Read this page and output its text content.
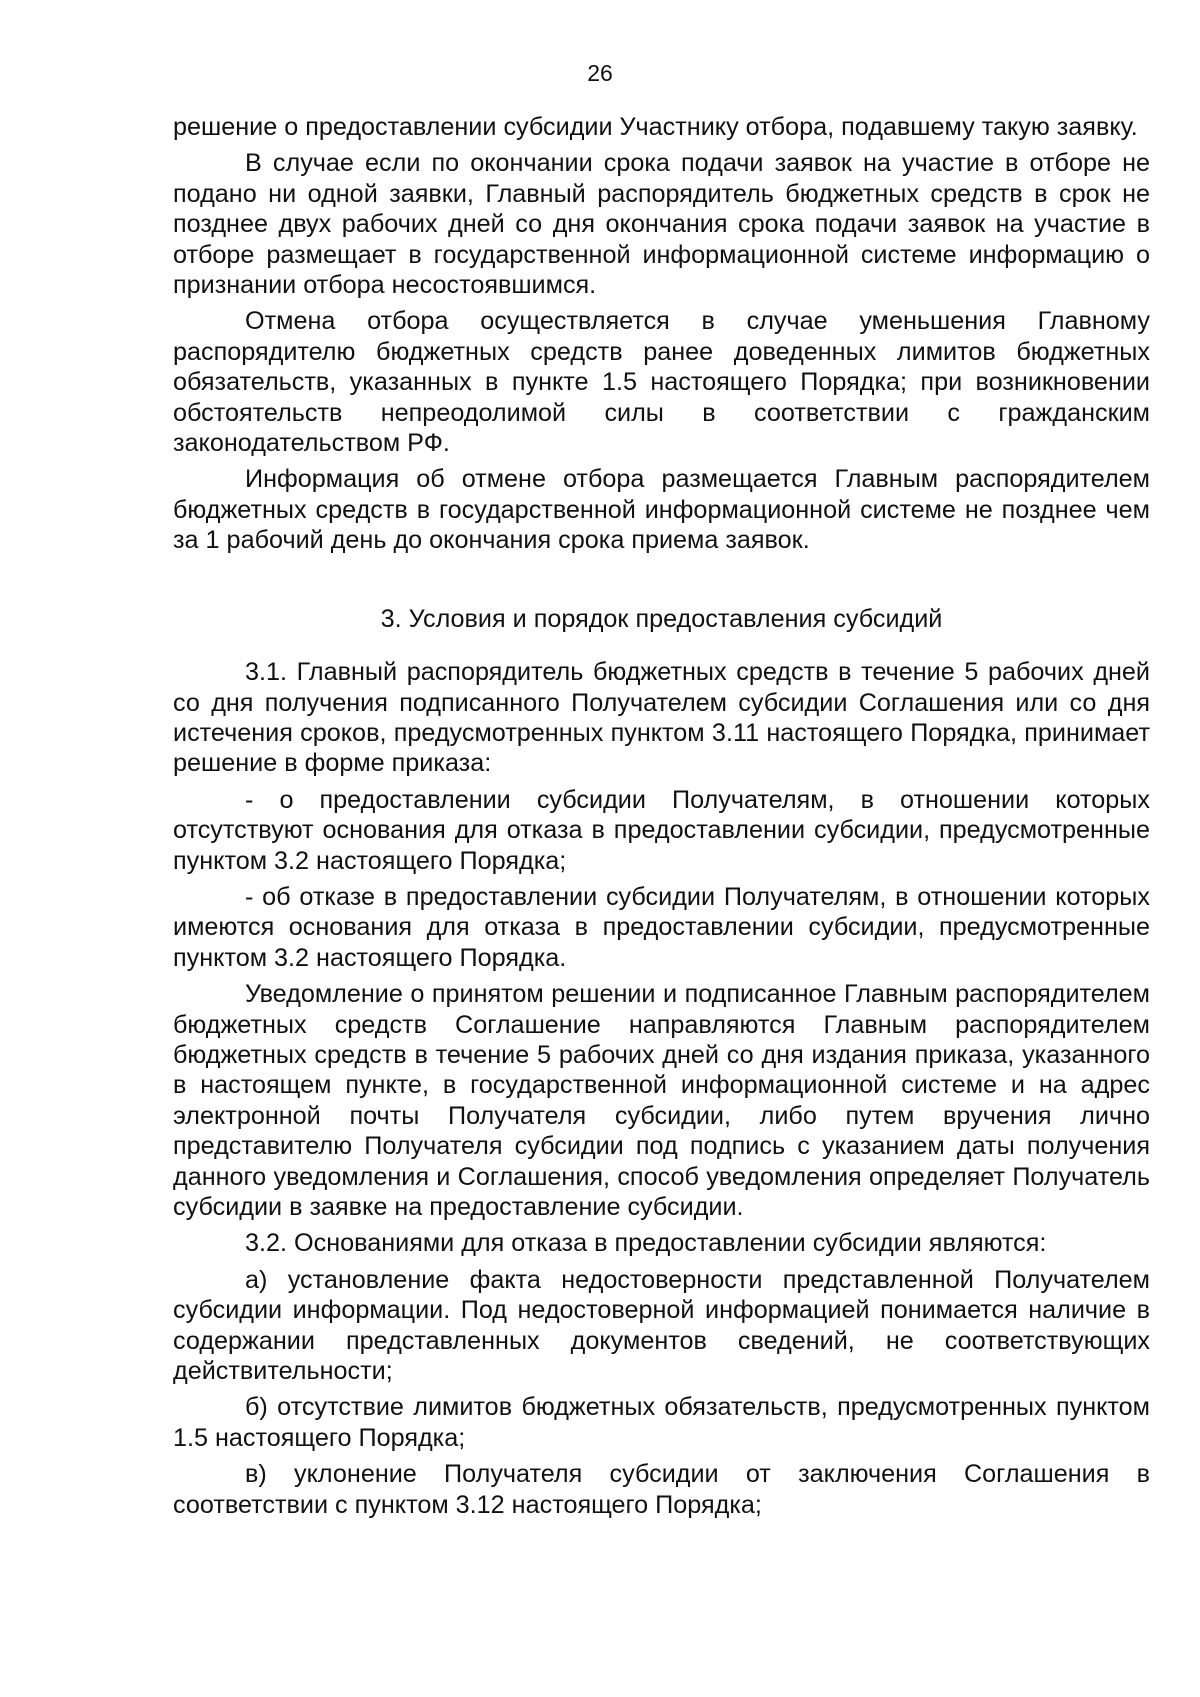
26

решение о предоставлении субсидии Участнику отбора, подавшему такую заявку.

В случае если по окончании срока подачи заявок на участие в отборе не подано ни одной заявки, Главный распорядитель бюджетных средств в срок не позднее двух рабочих дней со дня окончания срока подачи заявок на участие в отборе размещает в государственной информационной системе информацию о признании отбора несостоявшимся.

Отмена отбора осуществляется в случае уменьшения Главному распорядителю бюджетных средств ранее доведенных лимитов бюджетных обязательств, указанных в пункте 1.5 настоящего Порядка; при возникновении обстоятельств непреодолимой силы в соответствии с гражданским законодательством РФ.

Информация об отмене отбора размещается Главным распорядителем бюджетных средств в государственной информационной системе не позднее чем за 1 рабочий день до окончания срока приема заявок.

3. Условия и порядок предоставления субсидий

3.1. Главный распорядитель бюджетных средств в течение 5 рабочих дней со дня получения подписанного Получателем субсидии Соглашения или со дня истечения сроков, предусмотренных пунктом 3.11 настоящего Порядка, принимает решение в форме приказа:

- о предоставлении субсидии Получателям, в отношении которых отсутствуют основания для отказа в предоставлении субсидии, предусмотренные пунктом 3.2 настоящего Порядка;

- об отказе в предоставлении субсидии Получателям, в отношении которых имеются основания для отказа в предоставлении субсидии, предусмотренные пунктом 3.2 настоящего Порядка.

Уведомление о принятом решении и подписанное Главным распорядителем бюджетных средств Соглашение направляются Главным распорядителем бюджетных средств в течение 5 рабочих дней со дня издания приказа, указанного в настоящем пункте, в государственной информационной системе и на адрес электронной почты Получателя субсидии, либо путем вручения лично представителю Получателя субсидии под подпись с указанием даты получения данного уведомления и Соглашения, способ уведомления определяет Получатель субсидии в заявке на предоставление субсидии.

3.2. Основаниями для отказа в предоставлении субсидии являются:

а) установление факта недостоверности представленной Получателем субсидии информации. Под недостоверной информацией понимается наличие в содержании представленных документов сведений, не соответствующих действительности;

б) отсутствие лимитов бюджетных обязательств, предусмотренных пунктом 1.5 настоящего Порядка;

в) уклонение Получателя субсидии от заключения Соглашения в соответствии с пунктом 3.12 настоящего Порядка;
